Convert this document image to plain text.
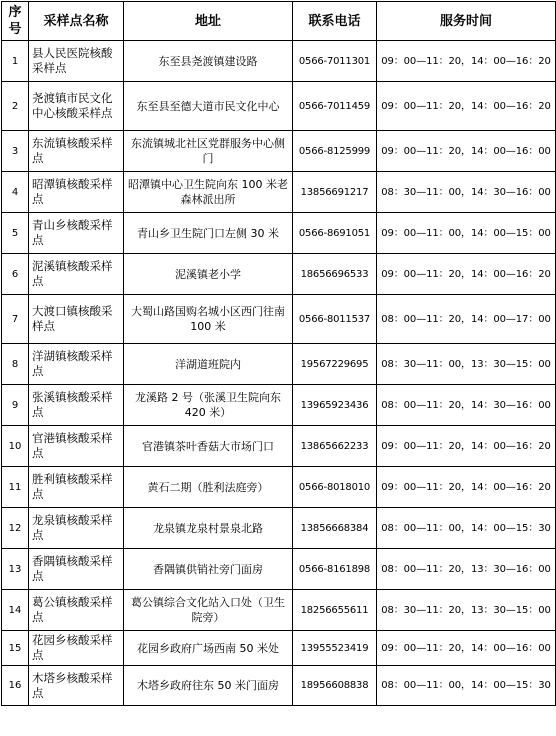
序号	采样点名称	地址	联系电话	服务时间
1	县人民医院核酸采样点	东至县尧渡镇建设路	0566-7011301	09：00—11：20，14：00—16：20
2	尧渡镇市民文化中心核酸采样点	东至县至德大道市民文化中心	0566-7011459	09：00—11：20，14：00—16：20
3	东流镇核酸采样点	东流镇城北社区党群服务中心侧门	0566-8125999	09：00—11：20，14：00—16：00
4	昭潭镇核酸采样点	昭潭镇中心卫生院向东 100 米老森林派出所	13856691217	08：30—11：00，14：30—16：00
5	青山乡核酸采样点	青山乡卫生院门口左侧 30 米	0566-8691051	09：00—11：00，14：00—15：00
6	泥溪镇核酸采样点	泥溪镇老小学	18656696533	09：00—11：20，14：00—16：20
7	大渡口镇核酸采样点	大蜀山路国购名城小区西门往南 100 米	0566-8011537	08：00—11：20，14：00—17：00
8	洋湖镇核酸采样点	洋湖道班院内	19567229695	08：30—11：00，13：30—15：00
9	张溪镇核酸采样点	龙溪路 2 号（张溪卫生院向东 420 米）	13965923436	08：00—11：20，14：30—16：00
10	官港镇核酸采样点	官港镇茶叶香菇大市场门口	13865662233	09：00—11：20，14：00—16：20
11	胜利镇核酸采样点	黄石二期（胜利法庭旁）	0566-8018010	09：00—11：20，14：00—16：20
12	龙泉镇核酸采样点	龙泉镇龙泉村景泉北路	13856668384	08：00—11：00，14：00—15：30
13	香隅镇核酸采样点	香隅镇供销社旁门面房	0566-8161898	08：00—11：20，13：30—16：00
14	葛公镇核酸采样点	葛公镇综合文化站入口处（卫生院旁）	18256655611	08：30—11：20，13：30—15：00
15	花园乡核酸采样点	花园乡政府广场西南 50 米处	13955523419	09：00—11：20，14：00—16：00
16	木塔乡核酸采样点	木塔乡政府往东 50 米门面房	18956608838	08：00—11：00，14：00—15：30
